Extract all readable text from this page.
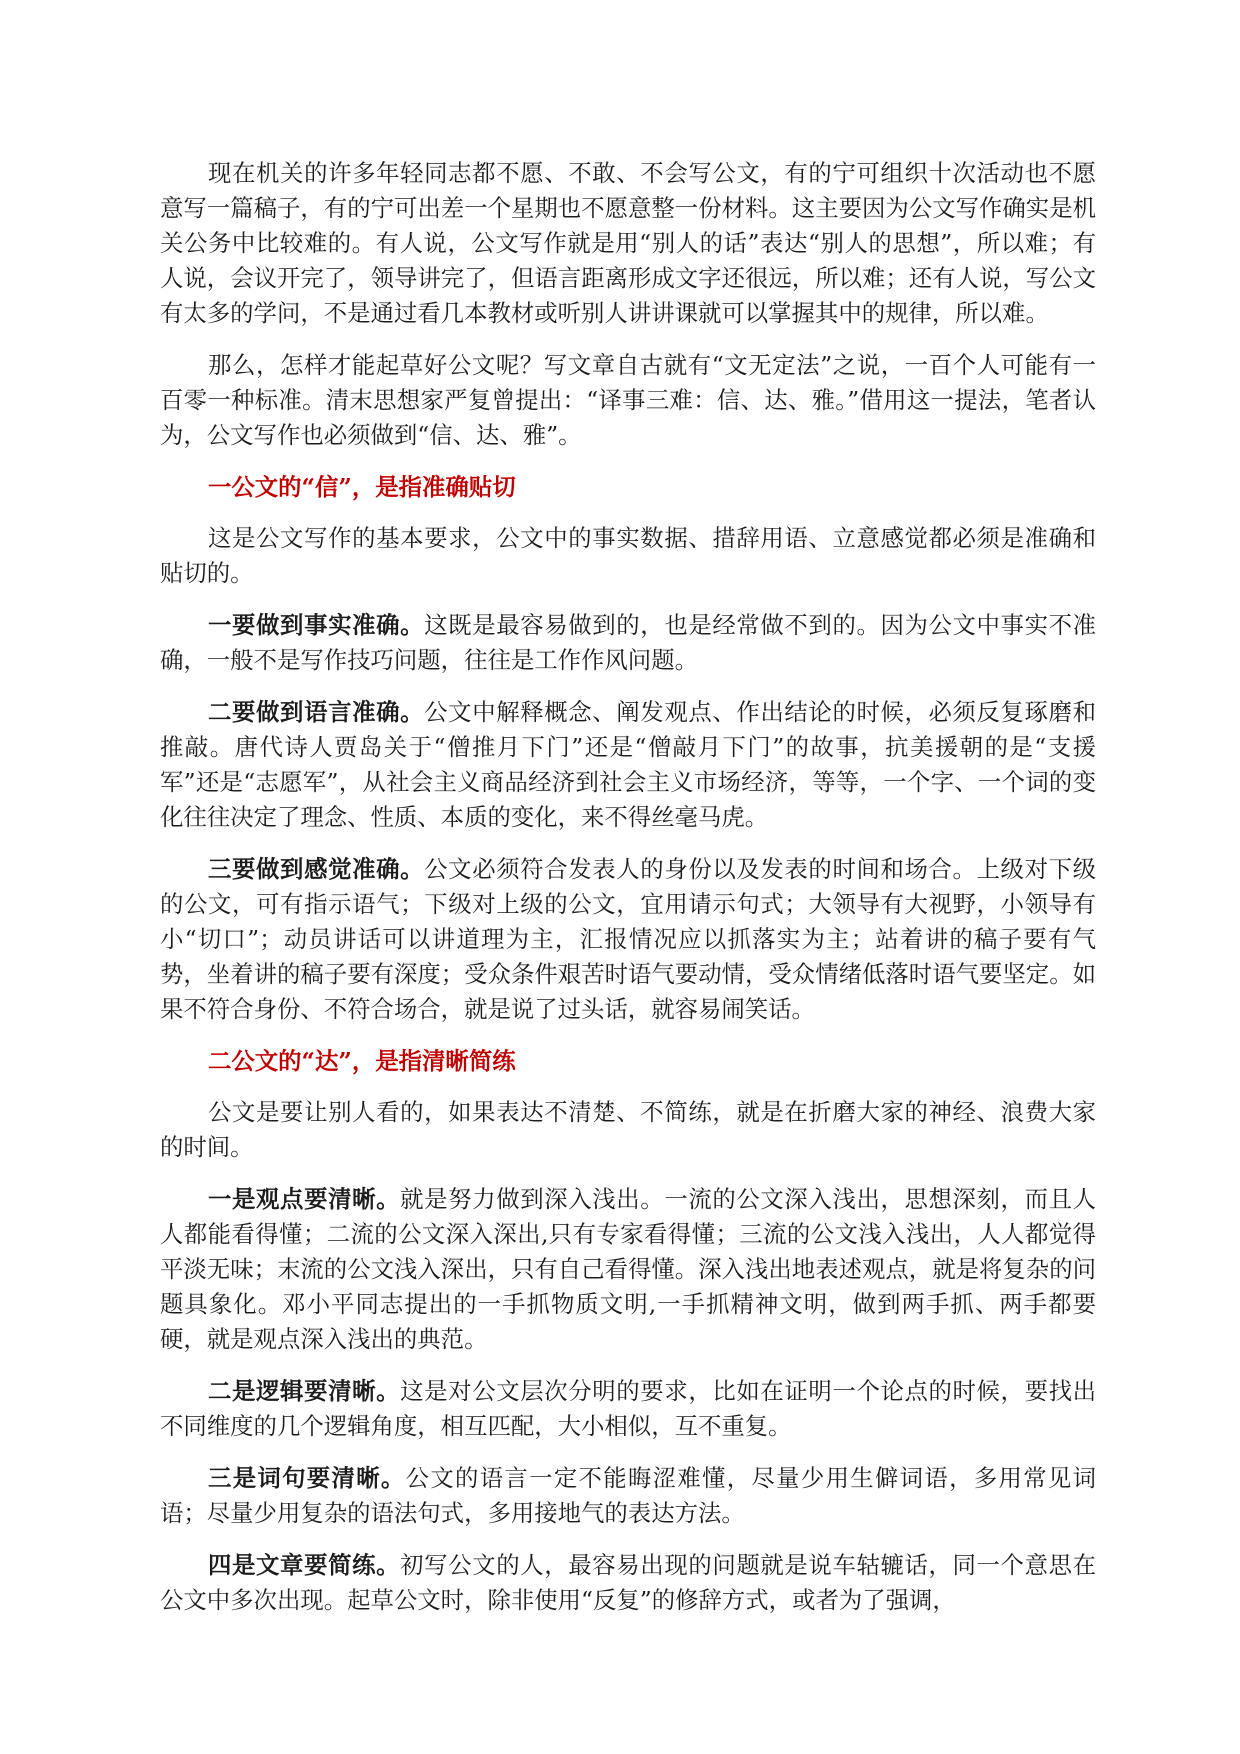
现在机关的许多年轻同志都不愿、不敢、不会写公文，有的宁可组织十次活动也不愿意写一篇稿子，有的宁可出差一个星期也不愿意整一份材料。这主要因为公文写作确实是机关公务中比较难的。有人说，公文写作就是用“别人的话”表达“别人的思想”，所以难；有人说，会议开完了，领导讲完了，但语言距离形成文字还很远，所以难；还有人说，写公文有太多的学问，不是通过看几本教材或听别人讲讲课就可以掌握其中的规律，所以难。

那么，怎样才能起草好公文呢？写文章自古就有“文无定法”之说，一百个人可能有一百零一种标准。清末思想家严复曾提出：“译事三难：信、达、雅。”借用这一提法，笔者认为，公文写作也必须做到“信、达、雅”。

一公文的“信”，是指准确贴切

这是公文写作的基本要求，公文中的事实数据、措辞用语、立意感觉都必须是准确和贴切的。

一要做到事实准确。这既是最容易做到的，也是经常做不到的。因为公文中事实不准确，一般不是写作技巧问题，往往是工作作风问题。

二要做到语言准确。公文中解释概念、阐发观点、作出结论的时候，必须反复琢磨和推敲。唐代诗人贾岛关于“僧推月下门”还是“僧敲月下门”的故事，抗美援朝的是“支援军”还是“志愿军”，从社会主义商品经济到社会主义市场经济，等等，一个字、一个词的变化往往决定了理念、性质、本质的变化，来不得丝毫马虎。

三要做到感觉准确。公文必须符合发表人的身份以及发表的时间和场合。上级对下级的公文，可有指示语气；下级对上级的公文，宜用请示句式；大领导有大视野，小领导有小“切口”；动员讲话可以讲道理为主，汇报情况应以抓落实为主；站着讲的稿子要有气势，坐着讲的稿子要有深度；受众条件艰苦时语气要动情，受众情绪低落时语气要坚定。如果不符合身份、不符合场合，就是说了过头话，就容易闹笑话。

二公文的“达”，是指清晰简练

公文是要让别人看的，如果表达不清楚、不简练，就是在折磨大家的神经、浪费大家的时间。

一是观点要清晰。就是努力做到深入浅出。一流的公文深入浅出，思想深刻，而且人人都能看得懂；二流的公文深入深出,只有专家看得懂；三流的公文浅入浅出，人人都觉得平淡无味；末流的公文浅入深出，只有自己看得懂。深入浅出地表述观点，就是将复杂的问题具象化。邓小平同志提出的一手抓物质文明,一手抓精神文明，做到两手抓、两手都要硬，就是观点深入浅出的典范。

二是逻辑要清晰。这是对公文层次分明的要求，比如在证明一个论点的时候，要找出不同维度的几个逻辑角度，相互匹配，大小相似，互不重复。

三是词句要清晰。公文的语言一定不能晦涩难懂，尽量少用生僻词语，多用常见词语；尽量少用复杂的语法句式，多用接地气的表达方法。

四是文章要简练。初写公文的人，最容易出现的问题就是说车轱辘话，同一个意思在公文中多次出现。起草公文时，除非使用“反复”的修辞方式，或者为了强调，
